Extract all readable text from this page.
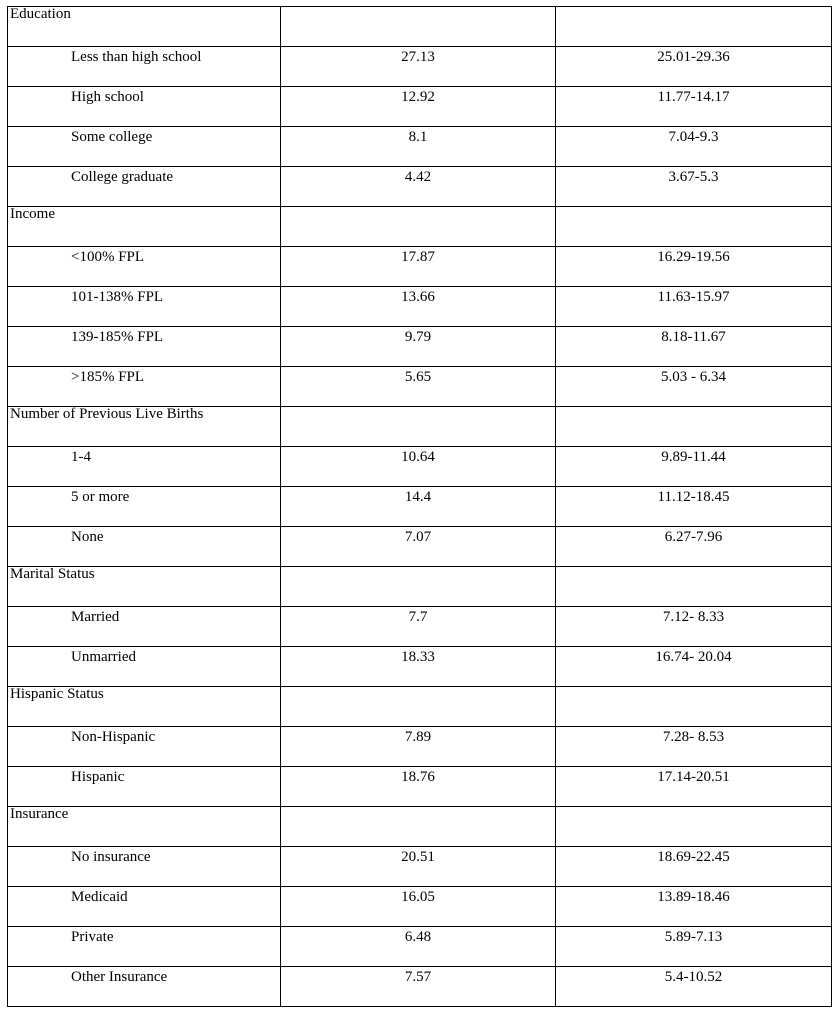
Education		

Less than high school	27.13	25.01-29.36

High school	12.92	11.77-14.17

Some college	8.1	7.04-9.3

College graduate	4.42	3.67-5.3

Income		

<100% FPL	17.87	16.29-19.56

101-138% FPL	13.66	11.63-15.97

139-185% FPL	9.79	8.18-11.67

>185% FPL	5.65	5.03 - 6.34

Number of Previous Live Births		

1-4	10.64	9.89-11.44

5 or more	14.4	11.12-18.45

None	7.07	6.27-7.96

Marital Status		

Married	7.7	7.12- 8.33

Unmarried	18.33	16.74- 20.04

Hispanic Status		

Non-Hispanic	7.89	7.28- 8.53

Hispanic	18.76	17.14-20.51

Insurance		

No insurance	20.51	18.69-22.45

Medicaid	16.05	13.89-18.46

Private	6.48	5.89-7.13

Other Insurance	7.57	5.4-10.52
